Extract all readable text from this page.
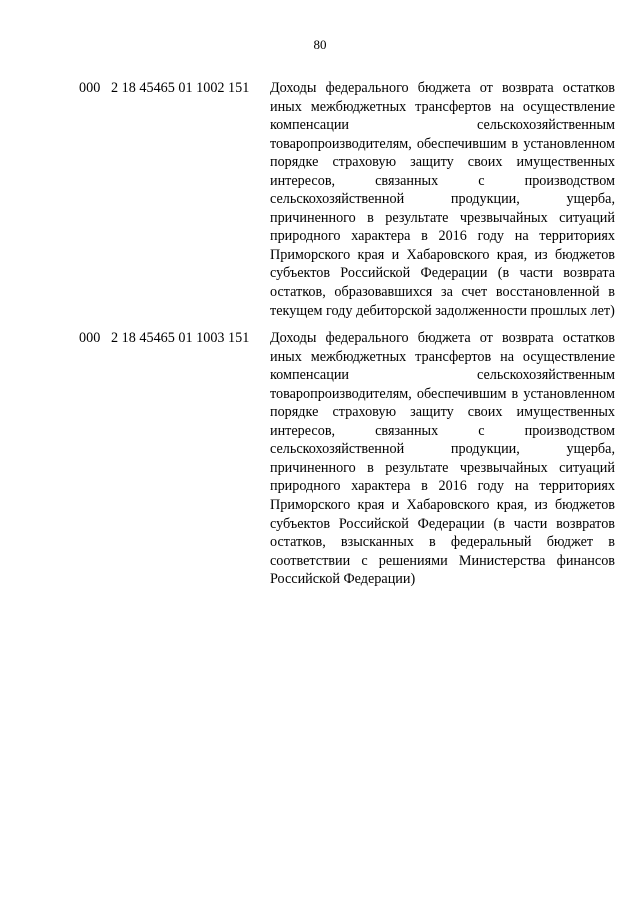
80
000 2 18 45465 01 1002 151	Доходы федерального бюджета от возврата остатков иных межбюджетных трансфертов на осуществление компенсации сельскохозяйственным товаропроизводителям, обеспечившим в установленном порядке страховую защиту своих имущественных интересов, связанных с производством сельскохозяйственной продукции, ущерба, причиненного в результате чрезвычайных ситуаций природного характера в 2016 году на территориях Приморского края и Хабаровского края, из бюджетов субъектов Российской Федерации (в части возврата остатков, образовавшихся за счет восстановленной в текущем году дебиторской задолженности прошлых лет)
000 2 18 45465 01 1003 151	Доходы федерального бюджета от возврата остатков иных межбюджетных трансфертов на осуществление компенсации сельскохозяйственным товаропроизводителям, обеспечившим в установленном порядке страховую защиту своих имущественных интересов, связанных с производством сельскохозяйственной продукции, ущерба, причиненного в результате чрезвычайных ситуаций природного характера в 2016 году на территориях Приморского края и Хабаровского края, из бюджетов субъектов Российской Федерации (в части возвратов остатков, взысканных в федеральный бюджет в соответствии с решениями Министерства финансов Российской Федерации)
